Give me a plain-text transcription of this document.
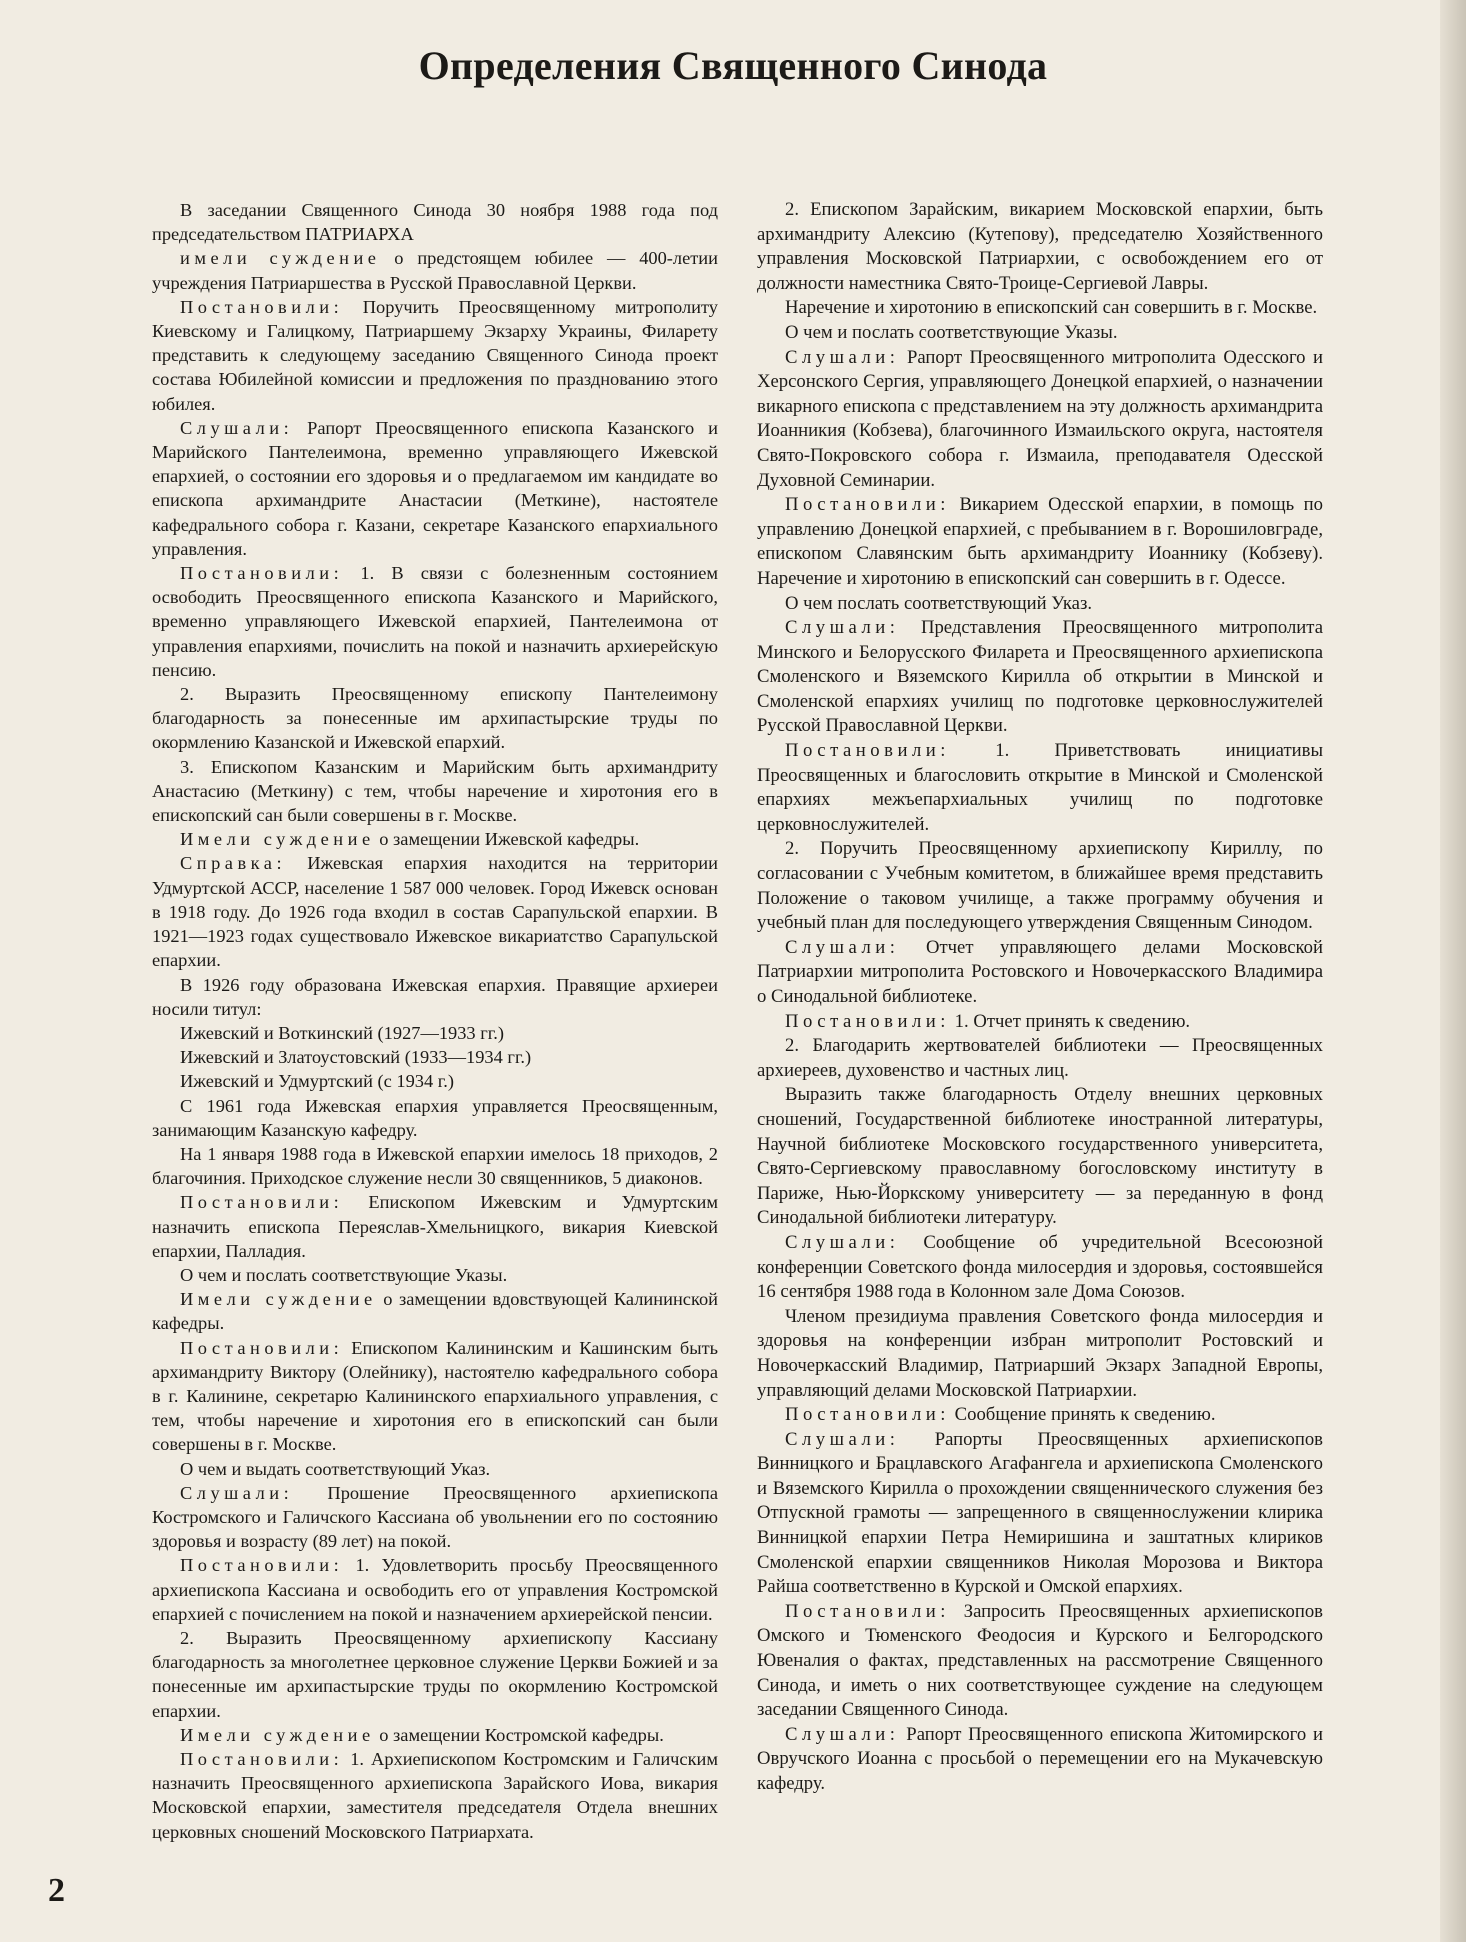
Определения Священного Синода

В заседании Священного Синода 30 ноября 1988 года под председательством ПАТРИАРХА

имели суждение о предстоящем юбилее — 400-летии учреждения Патриаршества в Русской Православной Церкви.

Постановили: Поручить Преосвященному митрополиту Киевскому и Галицкому, Патриаршему Экзарху Украины, Филарету представить к следующему заседанию Священного Синода проект состава Юбилейной комиссии и предложения по празднованию этого юбилея.

Слушали: Рапорт Преосвященного епископа Казанского и Марийского Пантелеимона, временно управляющего Ижевской епархией, о состоянии его здоровья и о предлагаемом им кандидате во епископа архимандрите Анастасии (Меткине), настоятеле кафедрального собора г. Казани, секретаре Казанского епархиального управления.

Постановили: 1. В связи с болезненным состоянием освободить Преосвященного епископа Казанского и Марийского, временно управляющего Ижевской епархией, Пантелеимона от управления епархиями, почислить на покой и назначить архиерейскую пенсию.

2. Выразить Преосвященному епископу Пантелеимону благодарность за понесенные им архипастырские труды по окормлению Казанской и Ижевской епархий.

3. Епископом Казанским и Марийским быть архимандриту Анастасию (Меткину) с тем, чтобы наречение и хиротония его в епископский сан были совершены в г. Москве.

Имели суждение о замещении Ижевской кафедры.

Справка: Ижевская епархия находится на территории Удмуртской АССР, население 1 587 000 человек. Город Ижевск основан в 1918 году. До 1926 года входил в состав Сарапульской епархии. В 1921—1923 годах существовало Ижевское викариатство Сарапульской епархии.

В 1926 году образована Ижевская епархия. Правящие архиереи носили титул:

Ижевский и Воткинский (1927—1933 гг.)

Ижевский и Златоустовский (1933—1934 гг.)

Ижевский и Удмуртский (с 1934 г.)

С 1961 года Ижевская епархия управляется Преосвященным, занимающим Казанскую кафедру.

На 1 января 1988 года в Ижевской епархии имелось 18 приходов, 2 благочиния. Приходское служение несли 30 священников, 5 диаконов.

Постановили: Епископом Ижевским и Удмуртским назначить епископа Переяслав-Хмельницкого, викария Киевской епархии, Палладия.

О чем и послать соответствующие Указы.

Имели суждение о замещении вдовствующей Калининской кафедры.

Постановили: Епископом Калининским и Кашинским быть архимандриту Виктору (Олейнику), настоятелю кафедрального собора в г. Калинине, секретарю Калининского епархиального управления, с тем, чтобы наречение и хиротония его в епископский сан были совершены в г. Москве.

О чем и выдать соответствующий Указ.

Слушали: Прошение Преосвященного архиепископа Костромского и Галичского Кассиана об увольнении его по состоянию здоровья и возрасту (89 лет) на покой.

Постановили: 1. Удовлетворить просьбу Преосвященного архиепископа Кассиана и освободить его от управления Костромской епархией с почислением на покой и назначением архиерейской пенсии.

2. Выразить Преосвященному архиепископу Кассиану благодарность за многолетнее церковное служение Церкви Божией и за понесенные им архипастырские труды по окормлению Костромской епархии.

Имели суждение о замещении Костромской кафедры.

Постановили: 1. Архиепископом Костромским и Галичским назначить Преосвященного архиепископа Зарайского Иова, викария Московской епархии, заместителя председателя Отдела внешних церковных сношений Московского Патриархата.

2. Епископом Зарайским, викарием Московской епархии, быть архимандриту Алексию (Кутепову), председателю Хозяйственного управления Московской Патриархии, с освобождением его от должности наместника Свято-Троице-Сергиевой Лавры.

Наречение и хиротонию в епископский сан совершить в г. Москве.

О чем и послать соответствующие Указы.

Слушали: Рапорт Преосвященного митрополита Одесского и Херсонского Сергия, управляющего Донецкой епархией, о назначении викарного епископа с представлением на эту должность архимандрита Иоанникия (Кобзева), благочинного Измаильского округа, настоятеля Свято-Покровского собора г. Измаила, преподавателя Одесской Духовной Семинарии.

Постановили: Викарием Одесской епархии, в помощь по управлению Донецкой епархией, с пребыванием в г. Ворошиловграде, епископом Славянским быть архимандриту Иоаннику (Кобзеву). Наречение и хиротонию в епископский сан совершить в г. Одессе.

О чем послать соответствующий Указ.

Слушали: Представления Преосвященного митрополита Минского и Белорусского Филарета и Преосвященного архиепископа Смоленского и Вяземского Кирилла об открытии в Минской и Смоленской епархиях училищ по подготовке церковнослужителей Русской Православной Церкви.

Постановили: 1. Приветствовать инициативы Преосвященных и благословить открытие в Минской и Смоленской епархиях межъепархиальных училищ по подготовке церковнослужителей.

2. Поручить Преосвященному архиепископу Кириллу, по согласовании с Учебным комитетом, в ближайшее время представить Положение о таковом училище, а также программу обучения и учебный план для последующего утверждения Священным Синодом.

Слушали: Отчет управляющего делами Московской Патриархии митрополита Ростовского и Новочеркасского Владимира о Синодальной библиотеке.

Постановили: 1. Отчет принять к сведению.

2. Благодарить жертвователей библиотеки — Преосвященных архиереев, духовенство и частных лиц.

Выразить также благодарность Отделу внешних церковных сношений, Государственной библиотеке иностранной литературы, Научной библиотеке Московского государственного университета, Свято-Сергиевскому православному богословскому институту в Париже, Нью-Йоркскому университету — за переданную в фонд Синодальной библиотеки литературу.

Слушали: Сообщение об учредительной Всесоюзной конференции Советского фонда милосердия и здоровья, состоявшейся 16 сентября 1988 года в Колонном зале Дома Союзов.

Членом президиума правления Советского фонда милосердия и здоровья на конференции избран митрополит Ростовский и Новочеркасский Владимир, Патриарший Экзарх Западной Европы, управляющий делами Московской Патриархии.

Постановили: Сообщение принять к сведению.

Слушали: Рапорты Преосвященных архиепископов Винницкого и Брацлавского Агафангела и архиепископа Смоленского и Вяземского Кирилла о прохождении священнического служения без Отпускной грамоты — запрещенного в священнослужении клирика Винницкой епархии Петра Немиришина и заштатных клириков Смоленской епархии священников Николая Морозова и Виктора Райша соответственно в Курской и Омской епархиях.

Постановили: Запросить Преосвященных архиепископов Омского и Тюменского Феодосия и Курского и Белгородского Ювеналия о фактах, представленных на рассмотрение Священного Синода, и иметь о них соответствующее суждение на следующем заседании Священного Синода.

Слушали: Рапорт Преосвященного епископа Житомирского и Овручского Иоанна с просьбой о перемещении его на Мукачевскую кафедру.

2
